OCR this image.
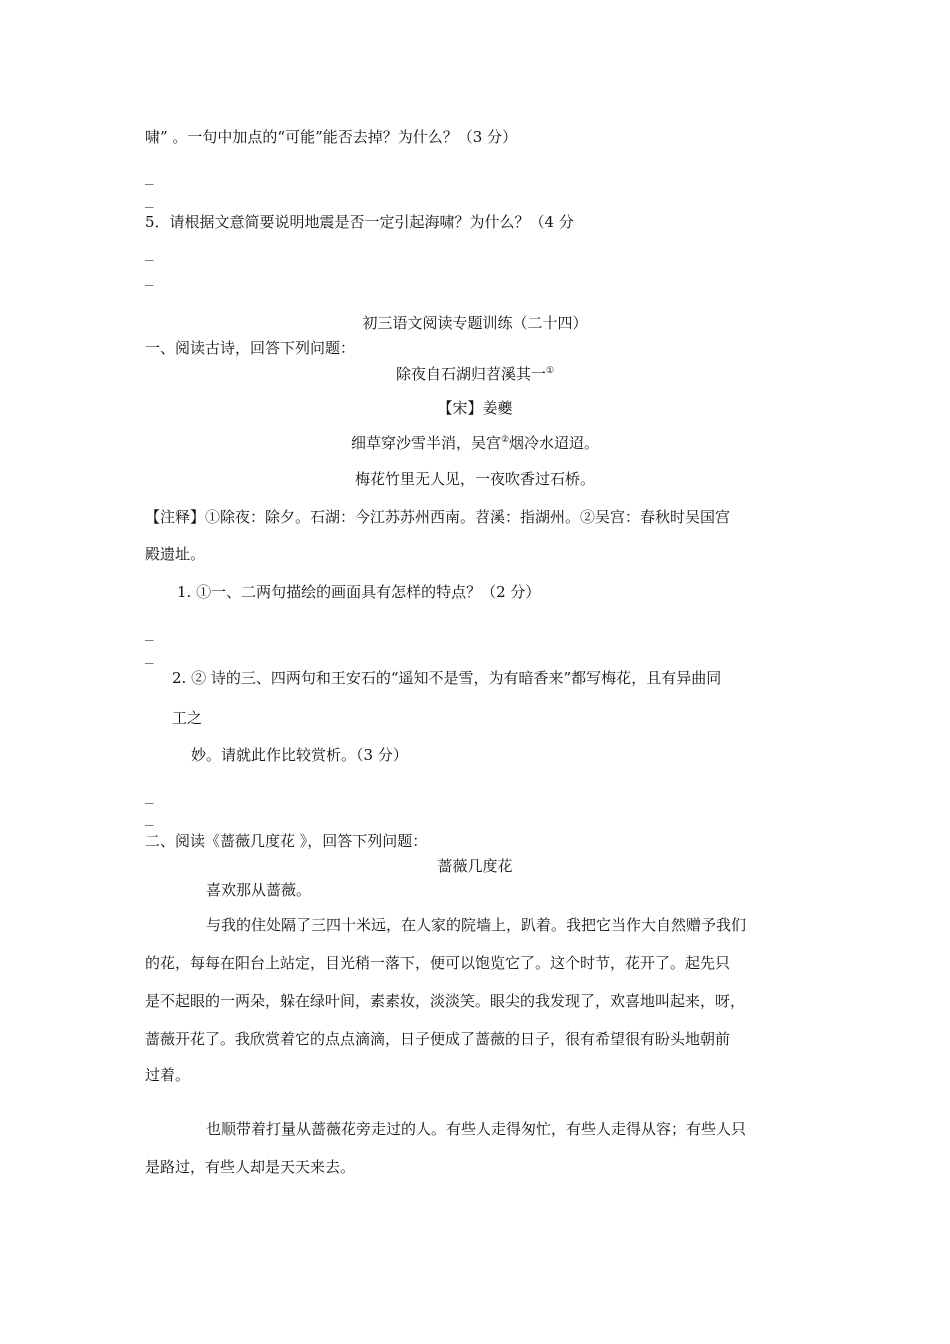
啸” 。一句中加点的“可能”能否去掉？为什么？（3 分）
_
_
5．请根据文意简要说明地震是否一定引起海啸？为什么？（4 分
_
_
初三语文阅读专题训练（二十四）
一、阅读古诗，回答下列问题：
除夜自石湖归苕溪其一①
【宋】姜夔
细草穿沙雪半消，吴宫②烟冷水迢迢。
梅花竹里无人见，一夜吹香过石桥。
【注释】①除夜：除夕。石湖：今江苏苏州西南。苕溪：指湖州。②吴宫：春秋时吴国宫
殿遗址。
1. ①一、二两句描绘的画面具有怎样的特点？（2 分）
_
_
2. ② 诗的三、四两句和王安石的“遥知不是雪，为有暗香来”都写梅花，且有异曲同
工之
妙。请就此作比较赏析。（3 分）
_
_
二、阅读《蔷薇几度花 》，回答下列问题：
蔷薇几度花
喜欢那从蔷薇。
与我的住处隔了三四十米远，在人家的院墙上，趴着。我把它当作大自然赠予我们
的花，每每在阳台上站定，目光稍一落下，便可以饱览它了。这个时节，花开了。起先只
是不起眼的一两朵，躲在绿叶间，素素妆，淡淡笑。眼尖的我发现了，欢喜地叫起来，呀，
蔷薇开花了。我欣赏着它的点点滴滴，日子便成了蔷薇的日子，很有希望很有盼头地朝前
过着。
也顺带着打量从蔷薇花旁走过的人。有些人走得匆忙，有些人走得从容；有些人只
是路过，有些人却是天天来去。
